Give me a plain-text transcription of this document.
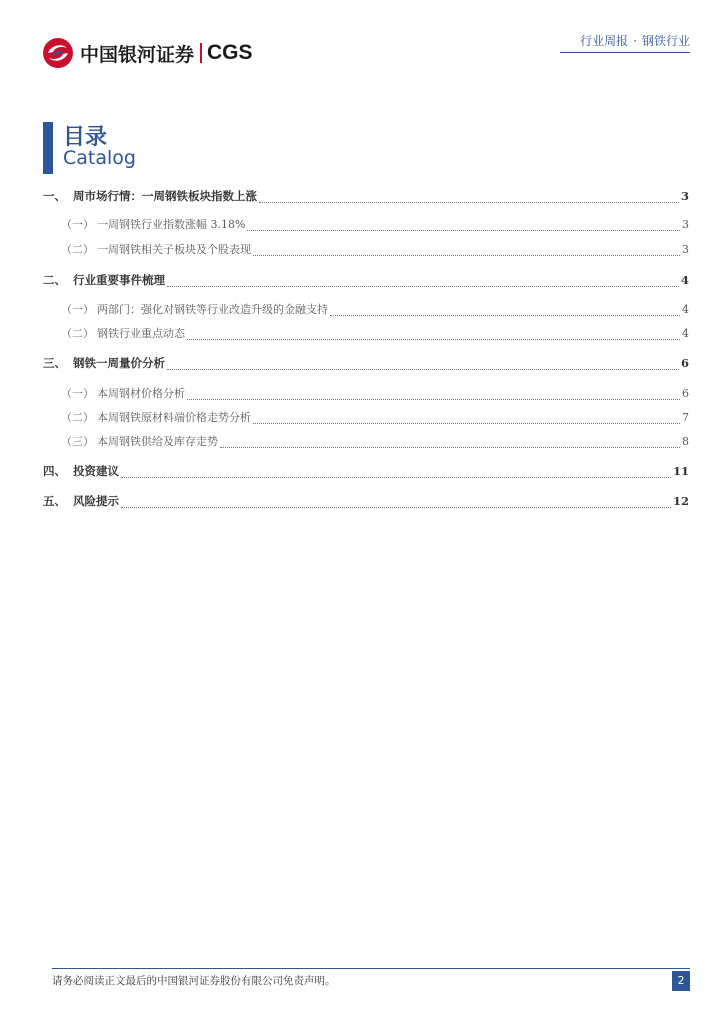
中国银河证券 CGS	行业周报 · 钢铁行业
目录
Catalog
一、 周市场行情：一周钢铁板块指数上涨	3
（一） 一周钢铁行业指数涨幅 3.18%	3
（二） 一周钢铁相关子板块及个股表现	3
二、 行业重要事件梳理	4
（一） 两部门：强化对钢铁等行业改造升级的金融支持	4
（二） 钢铁行业重点动态	4
三、 钢铁一周量价分析	6
（一） 本周钢材价格分析	6
（二） 本周钢铁原材料端价格走势分析	7
（三） 本周钢铁供给及库存走势	8
四、 投资建议	11
五、 风险提示	12
请务必阅读正文最后的中国银河证券股份有限公司免责声明。	2
